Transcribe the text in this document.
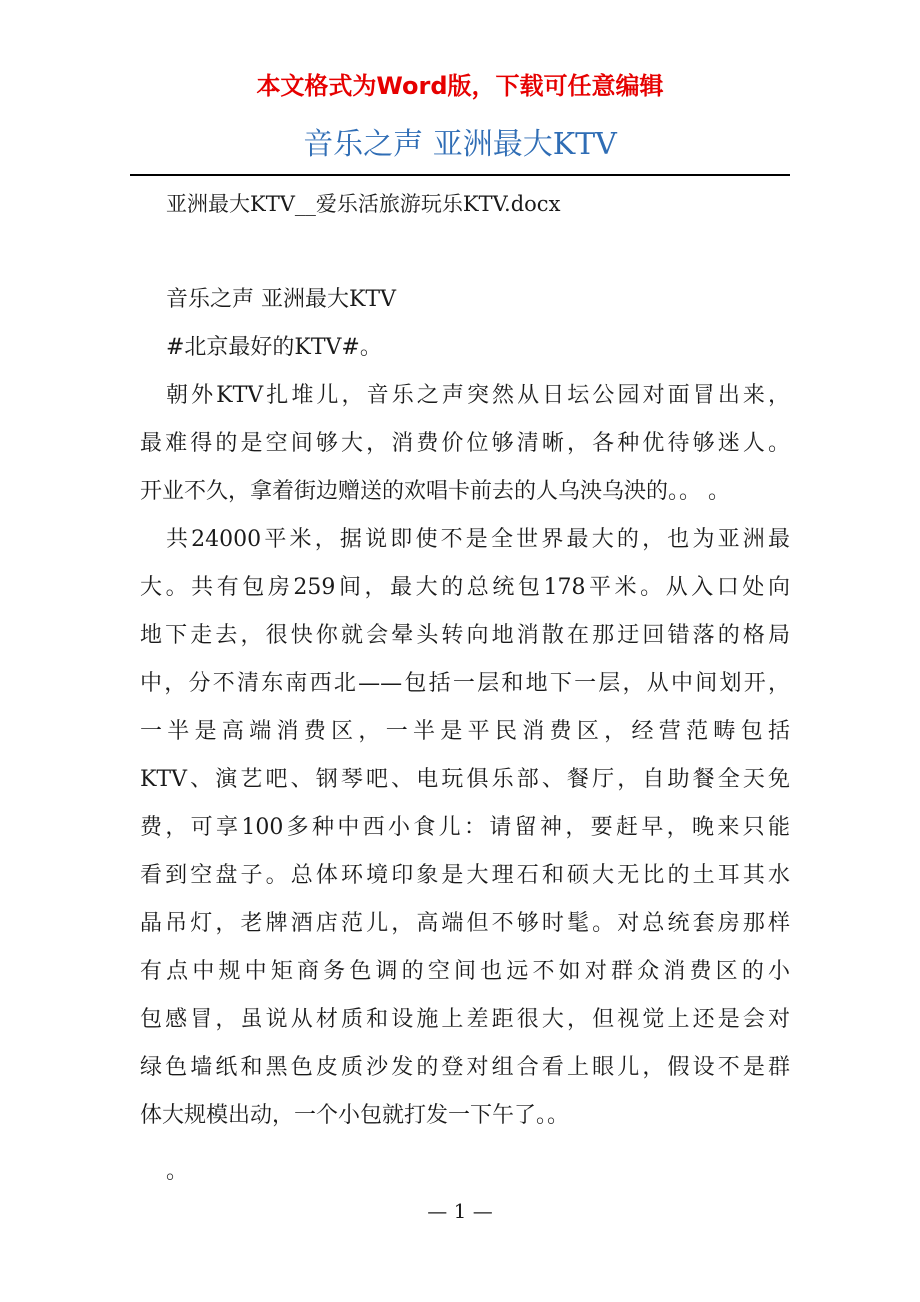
本文格式为Word版，下载可任意编辑
音乐之声 亚洲最大KTV
亚洲最大KTV__爱乐活旅游玩乐KTV.docx
音乐之声 亚洲最大KTV
#北京最好的KTV#。
朝外KTV扎堆儿，音乐之声突然从日坛公园对面冒出来，
最难得的是空间够大，消费价位够清晰，各种优待够迷人。
开业不久，拿着街边赠送的欢唱卡前去的人乌泱乌泱的。。 。
共24000平米，据说即使不是全世界最大的，也为亚洲最
大。共有包房259间，最大的总统包178平米。从入口处向
地下走去，很快你就会晕头转向地消散在那迂回错落的格局
中，分不清东南西北——包括一层和地下一层，从中间划开，
一半是高端消费区，一半是平民消费区，经营范畴包括
KTV、演艺吧、钢琴吧、电玩俱乐部、餐厅，自助餐全天免
费，可享100多种中西小食儿：请留神，要赶早，晚来只能
看到空盘子。总体环境印象是大理石和硕大无比的土耳其水
晶吊灯，老牌酒店范儿，高端但不够时髦。对总统套房那样
有点中规中矩商务色调的空间也远不如对群众消费区的小
包感冒，虽说从材质和设施上差距很大，但视觉上还是会对
绿色墙纸和黑色皮质沙发的登对组合看上眼儿，假设不是群
体大规模出动，一个小包就打发一下午了。。
。
— 1 —
